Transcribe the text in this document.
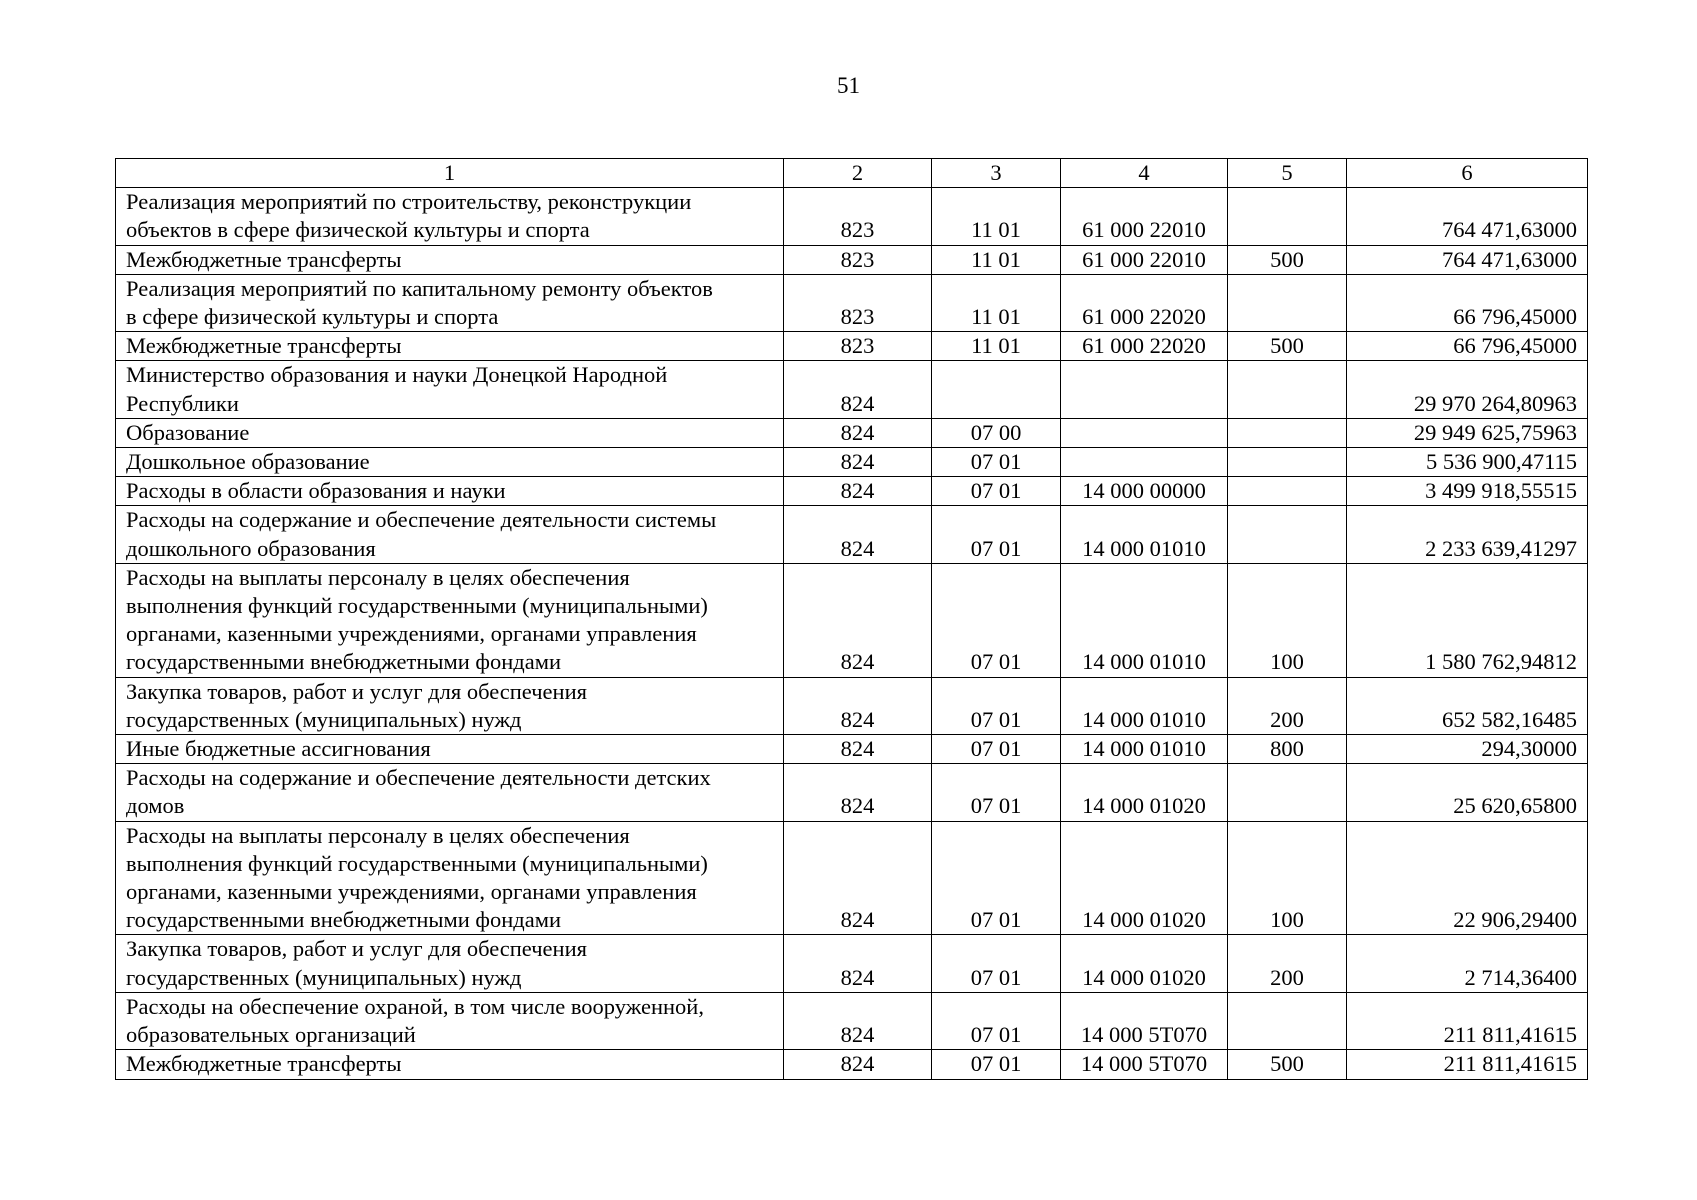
51
1	2	3	4	5	6

Реализация мероприятий по строительству, реконструкции
объектов в сфере физической культуры и спорта	823	11 01	61 000 22010		764 471,63000

Межбюджетные трансферты	823	11 01	61 000 22010	500	764 471,63000

Реализация мероприятий по капитальному ремонту объектов
в сфере физической культуры и спорта	823	11 01	61 000 22020		66 796,45000

Межбюджетные трансферты	823	11 01	61 000 22020	500	66 796,45000

Министерство образования и науки Донецкой Народной
Республики	824				29 970 264,80963

Образование	824	07 00			29 949 625,75963

Дошкольное образование	824	07 01			5 536 900,47115

Расходы в области образования и науки	824	07 01	14 000 00000		3 499 918,55515

Расходы на содержание и обеспечение деятельности системы
дошкольного образования	824	07 01	14 000 01010		2 233 639,41297

Расходы на выплаты персоналу в целях обеспечения
выполнения функций государственными (муниципальными)
органами, казенными учреждениями, органами управления
государственными внебюджетными фондами	824	07 01	14 000 01010	100	1 580 762,94812

Закупка товаров, работ и услуг для обеспечения
государственных (муниципальных) нужд	824	07 01	14 000 01010	200	652 582,16485

Иные бюджетные ассигнования	824	07 01	14 000 01010	800	294,30000

Расходы на содержание и обеспечение деятельности детских
домов	824	07 01	14 000 01020		25 620,65800

Расходы на выплаты персоналу в целях обеспечения
выполнения функций государственными (муниципальными)
органами, казенными учреждениями, органами управления
государственными внебюджетными фондами	824	07 01	14 000 01020	100	22 906,29400

Закупка товаров, работ и услуг для обеспечения
государственных (муниципальных) нужд	824	07 01	14 000 01020	200	2 714,36400

Расходы на обеспечение охраной, в том числе вооруженной,
образовательных организаций	824	07 01	14 000 5Т070		211 811,41615

Межбюджетные трансферты	824	07 01	14 000 5Т070	500	211 811,41615
